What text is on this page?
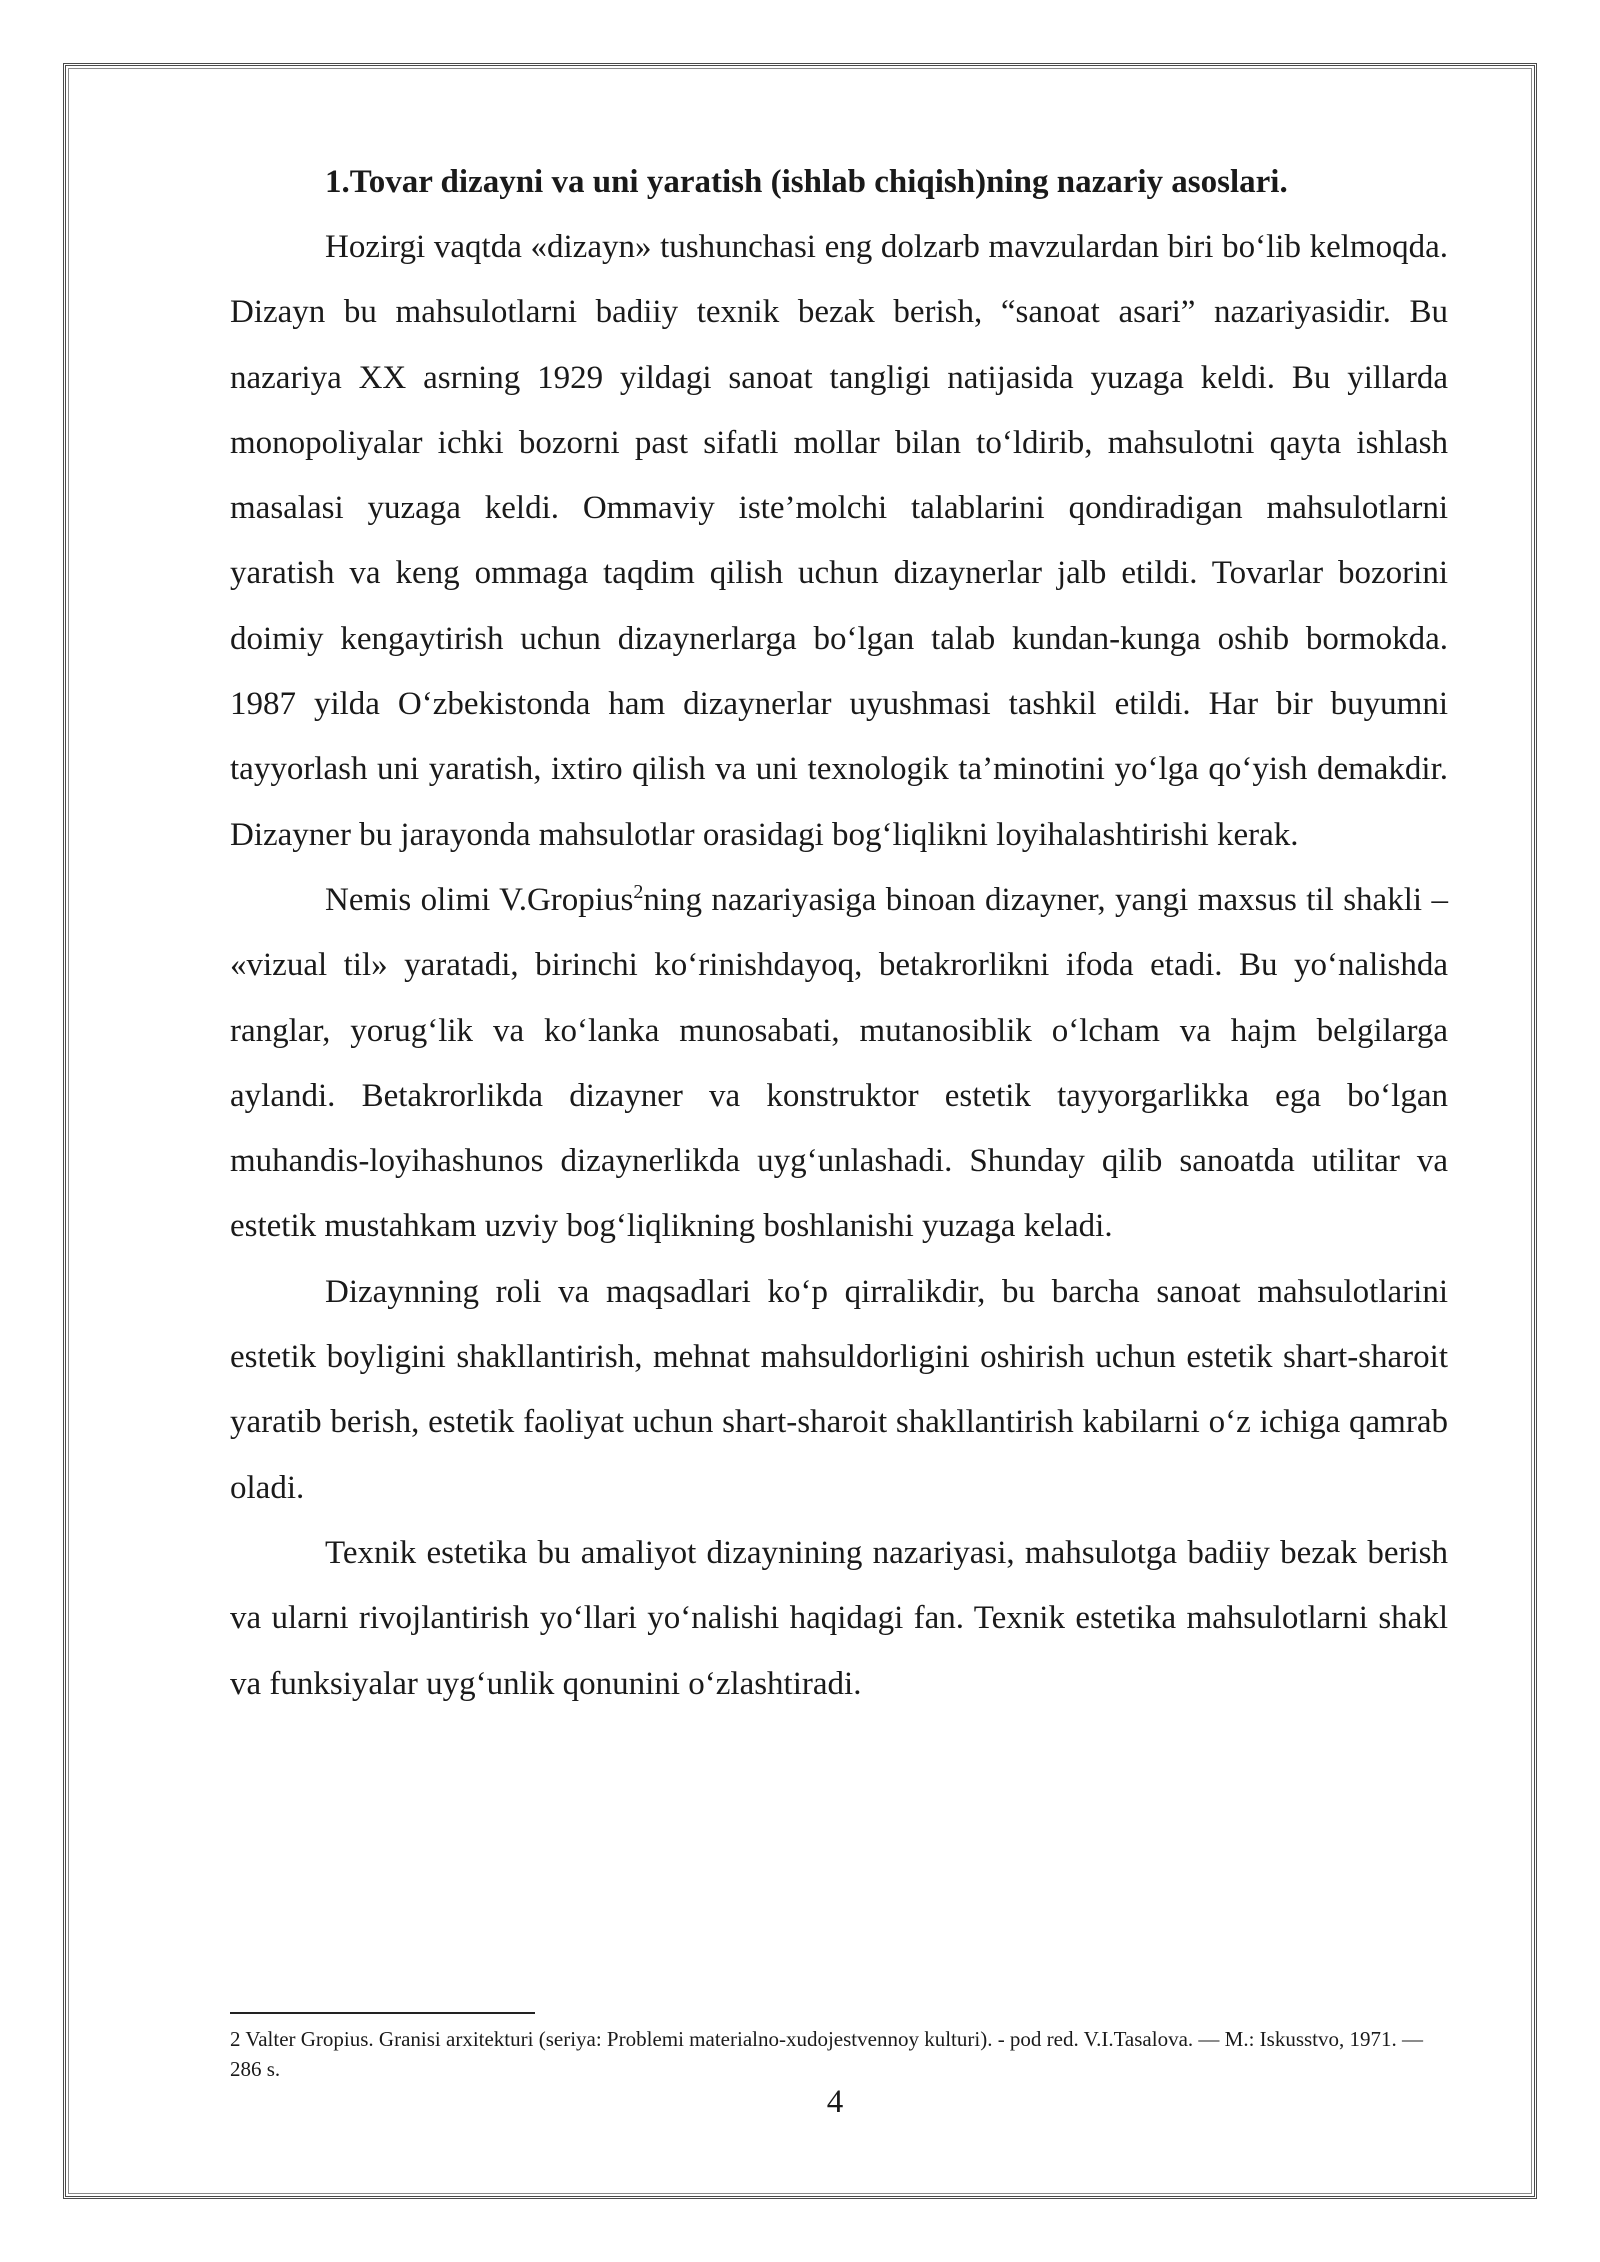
1.Tovar dizayni va uni yaratish (ishlab chiqish)ning nazariy asoslari.

Hozirgi vaqtda «dizayn» tushunchasi eng dolzarb mavzulardan biri bo‘lib kelmoqda. Dizayn bu mahsulotlarni badiiy texnik bezak berish, “sanoat asari” nazariyasidir. Bu nazariya XX asrning 1929 yildagi sanoat tangligi natijasida yuzaga keldi. Bu yillarda monopoliyalar ichki bozorni past sifatli mollar bilan to‘ldirib, mahsulotni qayta ishlash masalasi yuzaga keldi. Ommaviy iste’molchi talablarini qondiradigan mahsulotlarni yaratish va keng ommaga taqdim qilish uchun dizaynerlar jalb etildi. Tovarlar bozorini doimiy kengaytirish uchun dizaynerlarga bo‘lgan talab kundan-kunga oshib bormokda. 1987 yilda O‘zbekistonda ham dizaynerlar uyushmasi tashkil etildi. Har bir buyumni tayyorlash uni yaratish, ixtiro qilish va uni texnologik ta’minotini yo‘lga qo‘yish demakdir. Dizayner bu jarayonda mahsulotlar orasidagi bog‘liqlikni loyihalashtirishi kerak.

Nemis olimi V.Gropius$^2$ning nazariyasiga binoan dizayner, yangi maxsus til shakli – «vizual til» yaratadi, birinchi ko‘rinishdayoq, betakrorlikni ifoda etadi. Bu yo‘nalishda ranglar, yorug‘lik va ko‘lanka munosabati, mutanosiblik o‘lcham va hajm belgilarga aylandi. Betakrorlikda dizayner va konstruktor estetik tayyorgarlikka ega bo‘lgan muhandis-loyihashunos dizaynerlikda uyg‘unlashadi. Shunday qilib sanoatda utilitar va estetik mustahkam uzviy bog‘liqlikning boshlanishi yuzaga keladi.

Dizaynning roli va maqsadlari ko‘p qirralikdir, bu barcha sanoat mahsulotlarini estetik boyligini shakllantirish, mehnat mahsuldorligini oshirish uchun estetik shart-sharoit yaratib berish, estetik faoliyat uchun shart-sharoit shakllantirish kabilarni o‘z ichiga qamrab oladi.

Texnik estetika bu amaliyot dizaynining nazariyasi, mahsulotga badiiy bezak berish va ularni rivojlantirish yo‘llari yo‘nalishi haqidagi fan. Texnik estetika mahsulotlarni shakl va funksiyalar uyg‘unlik qonunini o‘zlashtiradi.

2 Valter Gropius. Granisi arxitekturi (seriya: Problemi materialno-xudojestvennoy kulturi). - pod red. V.I.Tasalova. — M.: Iskusstvo, 1971. — 286 s.

4
